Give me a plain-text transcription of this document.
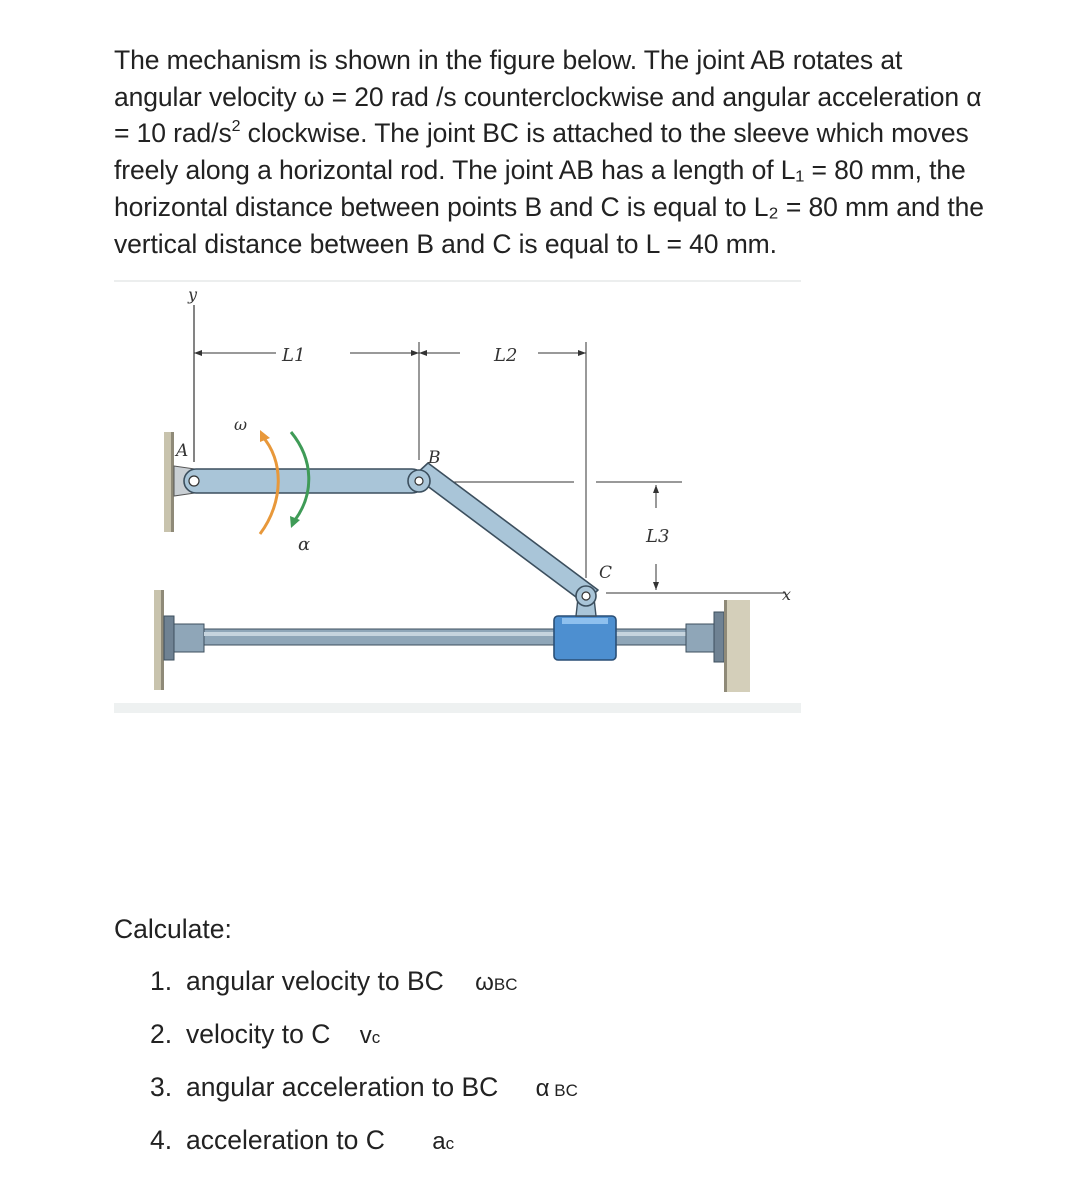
The mechanism is shown in the figure below. The joint AB rotates at
angular velocity ω = 20 rad /s counterclockwise and angular acceleration α
= 10 rad/$s^2$ clockwise. The joint BC is attached to the sleeve which moves
freely along a horizontal rod. The joint AB has a length of L₁ = 80 mm, the
horizontal distance between points B and C is equal to L₂ = 80 mm and the
vertical distance between B and C is equal to L = 40 mm.
y
L1	L2
L3
x
A	B
ω
α
C
Calculate:
1. angular velocity to BC ωBC
2. velocity to C vc
3. angular acceleration to BC α BC
4. acceleration to C ac
